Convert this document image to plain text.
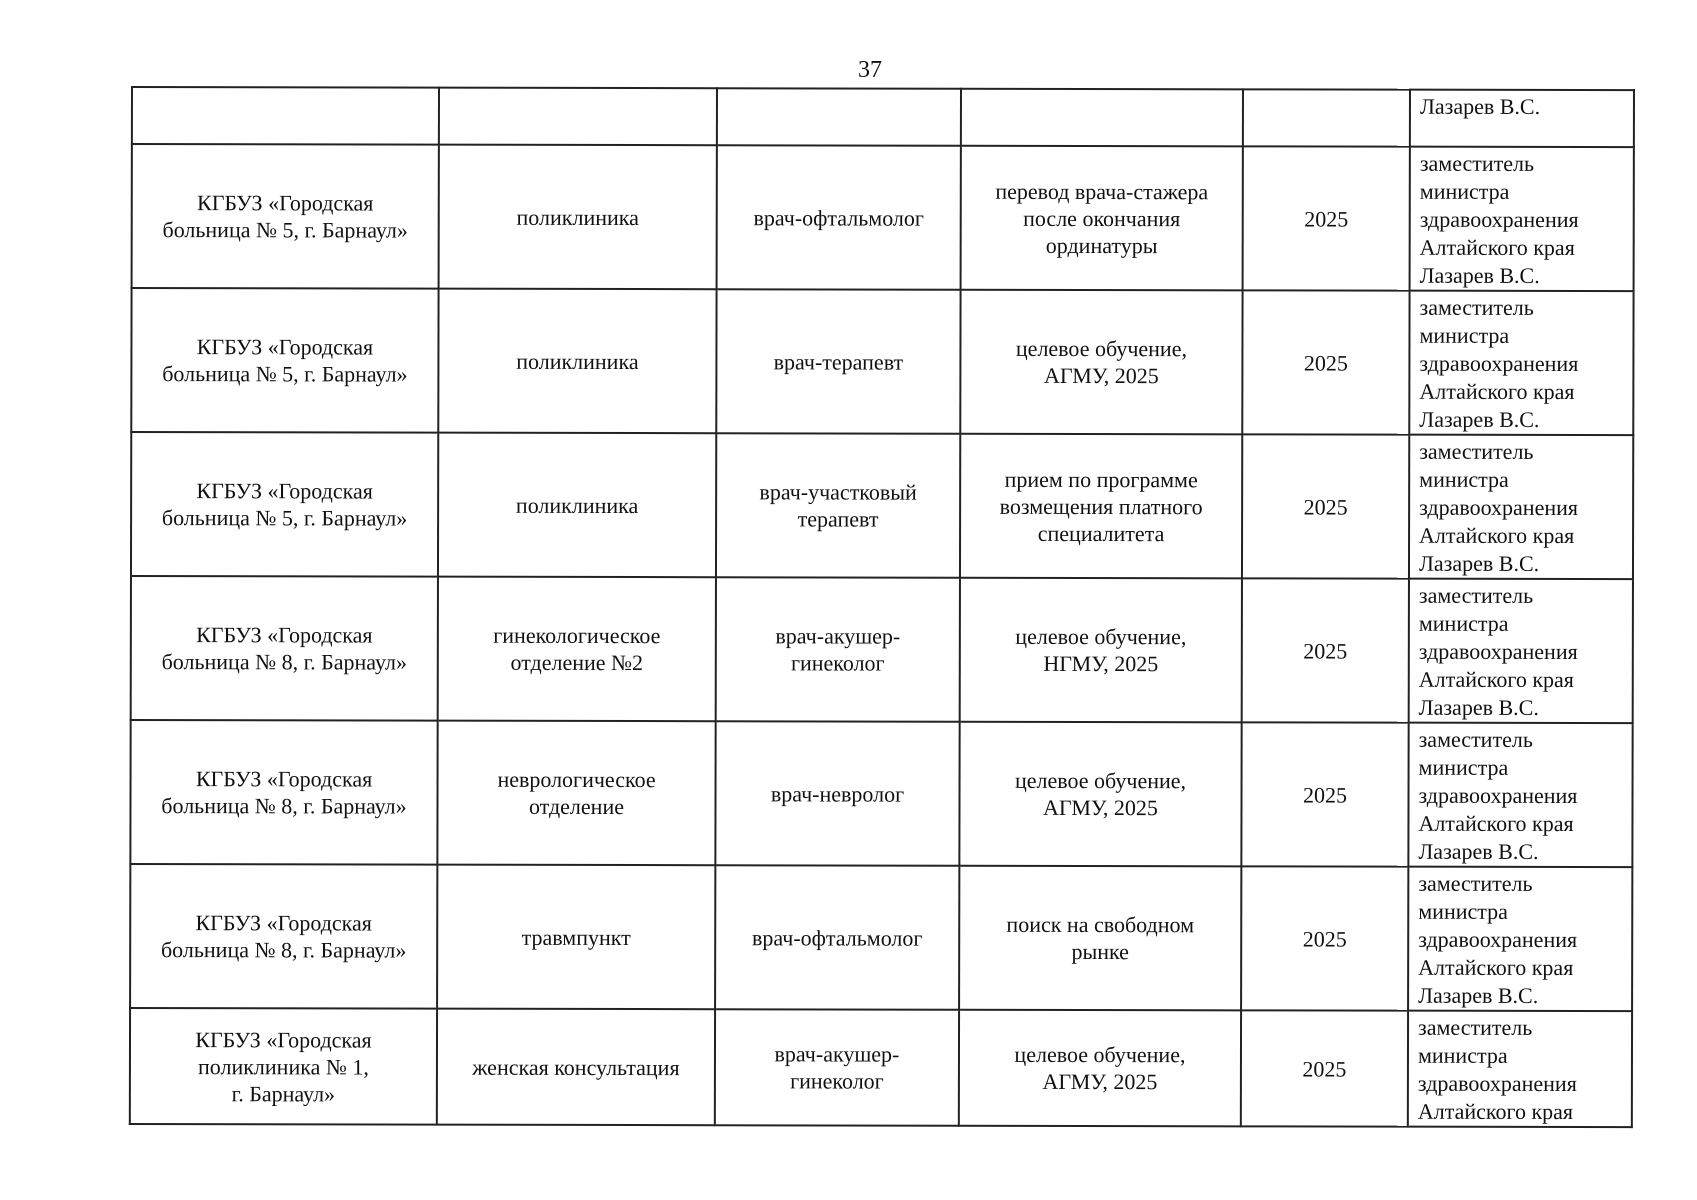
37

					Лазарев В.С.

КГБУЗ «Городская
больница № 5, г. Барнаул»	поликлиника	врач-офтальмолог	перевод врача-стажера
после окончания
ординатуры	2025	заместитель
министра
здравоохранения
Алтайского края
Лазарев В.С.

КГБУЗ «Городская
больница № 5, г. Барнаул»	поликлиника	врач-терапевт	целевое обучение,
АГМУ, 2025	2025	заместитель
министра
здравоохранения
Алтайского края
Лазарев В.С.

КГБУЗ «Городская
больница № 5, г. Барнаул»	поликлиника	врач-участковый
терапевт	прием по программе
возмещения платного
специалитета	2025	заместитель
министра
здравоохранения
Алтайского края
Лазарев В.С.

КГБУЗ «Городская
больница № 8, г. Барнаул»	гинекологическое
отделение №2	врач-акушер-
гинеколог	целевое обучение,
НГМУ, 2025	2025	заместитель
министра
здравоохранения
Алтайского края
Лазарев В.С.

КГБУЗ «Городская
больница № 8, г. Барнаул»	неврологическое
отделение	врач-невролог	целевое обучение,
АГМУ, 2025	2025	заместитель
министра
здравоохранения
Алтайского края
Лазарев В.С.

КГБУЗ «Городская
больница № 8, г. Барнаул»	травмпункт	врач-офтальмолог	поиск на свободном
рынке	2025	заместитель
министра
здравоохранения
Алтайского края
Лазарев В.С.

КГБУЗ «Городская
поликлиника № 1,
г. Барнаул»	женская консультация	врач-акушер-
гинеколог	целевое обучение,
АГМУ, 2025	2025	заместитель
министра
здравоохранения
Алтайского края
